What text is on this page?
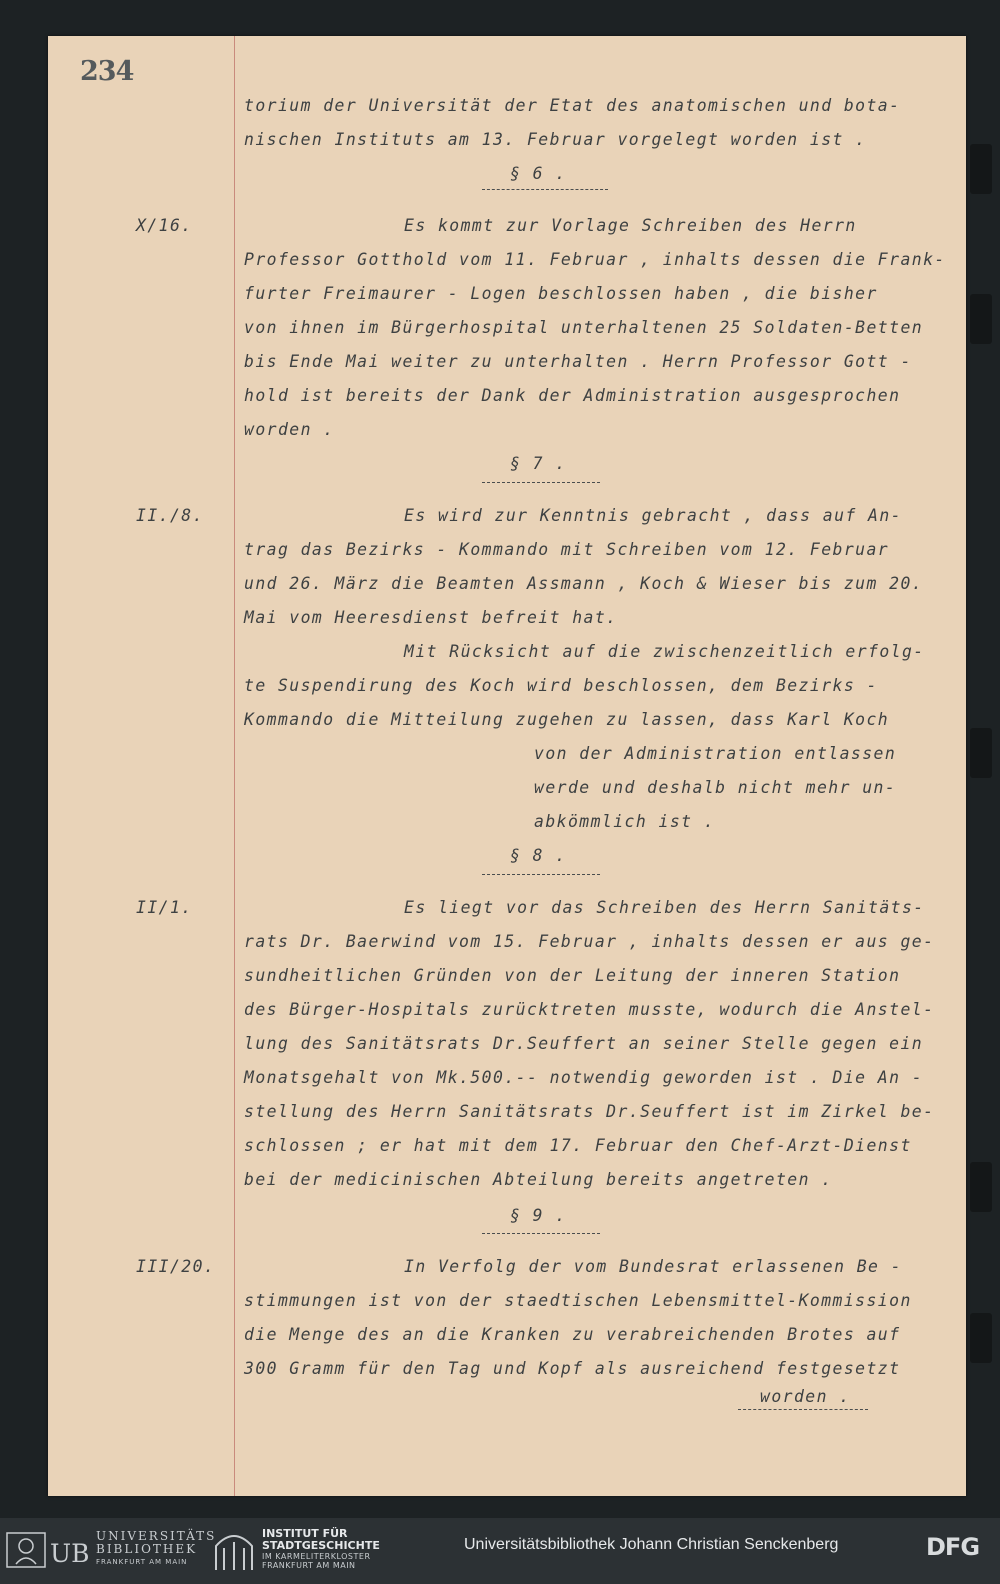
234
torium der Universität der Etat des anatomischen und bota-
nischen Instituts am 13. Februar vorgelegt worden ist .
§ 6 .
X/16.	Es kommt zur Vorlage Schreiben des Herrn
Professor Gotthold vom 11. Februar , inhalts dessen die Frank-
furter Freimaurer - Logen beschlossen haben , die bisher
von ihnen im Bürgerhospital unterhaltenen 25 Soldaten-Betten
bis Ende Mai weiter zu unterhalten . Herrn Professor Gott -
hold ist bereits der Dank der Administration ausgesprochen
worden .
§ 7 .
II./8.	Es wird zur Kenntnis gebracht , dass auf An-
trag das Bezirks - Kommando mit Schreiben vom 12. Februar
und 26. März die Beamten Assmann , Koch & Wieser bis zum 20.
Mai vom Heeresdienst befreit hat.
Mit Rücksicht auf die zwischenzeitlich erfolg-
te Suspendirung des Koch wird beschlossen, dem Bezirks -
Kommando die Mitteilung zugehen zu lassen, dass Karl Koch
von der Administration entlassen
werde und deshalb nicht mehr un-
abkömmlich ist .
§ 8 .
II/1.	Es liegt vor das Schreiben des Herrn Sanitäts-
rats Dr. Baerwind vom 15. Februar , inhalts dessen er aus ge-
sundheitlichen Gründen von der Leitung der inneren Station
des Bürger-Hospitals zurücktreten musste, wodurch die Anstel-
lung des Sanitätsrats Dr.Seuffert an seiner Stelle gegen ein
Monatsgehalt von Mk.500.-- notwendig geworden ist . Die An -
stellung des Herrn Sanitätsrats Dr.Seuffert ist im Zirkel be-
schlossen ; er hat mit dem 17. Februar den Chef-Arzt-Dienst
bei der medicinischen Abteilung bereits angetreten .
§ 9 .
III/20.	In Verfolg der vom Bundesrat erlassenen Be -
stimmungen ist von der staedtischen Lebensmittel-Kommission
die Menge des an die Kranken zu verabreichenden Brotes auf
300 Gramm für den Tag und Kopf als ausreichend festgesetzt
worden .
UB
UNIVERSITÄTS
BIBLIOTHEK
FRANKFURT AM MAIN
INSTITUT FÜR
STADTGESCHICHTE
IM KARMELITERKLOSTER
FRANKFURT AM MAIN
Universitätsbibliothek Johann Christian Senckenberg	DFG
